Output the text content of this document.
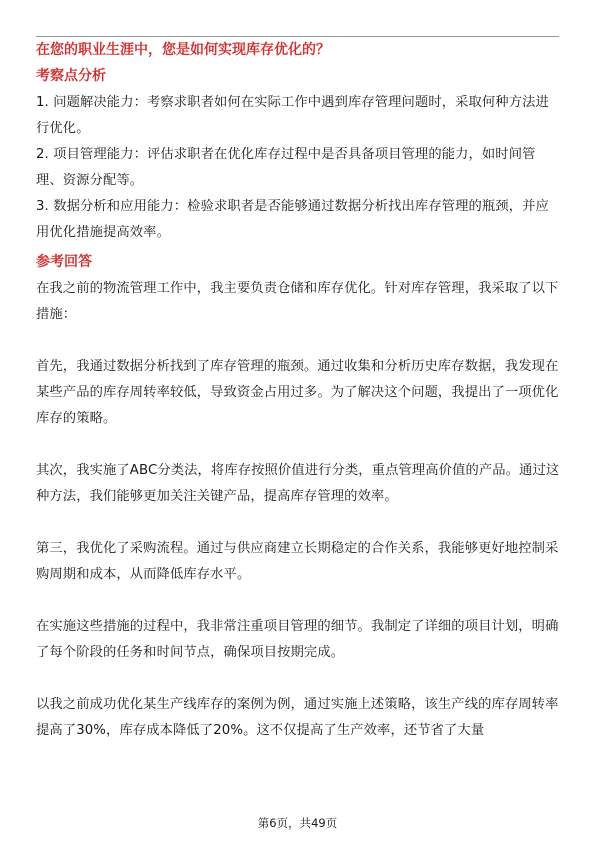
在您的职业生涯中，您是如何实现库存优化的？

考察点分析

1. 问题解决能力：考察求职者如何在实际工作中遇到库存管理问题时，采取何种方法进行优化。

2. 项目管理能力：评估求职者在优化库存过程中是否具备项目管理的能力，如时间管理、资源分配等。

3. 数据分析和应用能力：检验求职者是否能够通过数据分析找出库存管理的瓶颈，并应用优化措施提高效率。

参考回答

在我之前的物流管理工作中，我主要负责仓储和库存优化。针对库存管理，我采取了以下措施：

首先，我通过数据分析找到了库存管理的瓶颈。通过收集和分析历史库存数据，我发现在某些产品的库存周转率较低，导致资金占用过多。为了解决这个问题，我提出了一项优化库存的策略。

其次，我实施了ABC分类法，将库存按照价值进行分类，重点管理高价值的产品。通过这种方法，我们能够更加关注关键产品，提高库存管理的效率。

第三，我优化了采购流程。通过与供应商建立长期稳定的合作关系，我能够更好地控制采购周期和成本，从而降低库存水平。

在实施这些措施的过程中，我非常注重项目管理的细节。我制定了详细的项目计划，明确了每个阶段的任务和时间节点，确保项目按期完成。

以我之前成功优化某生产线库存的案例为例，通过实施上述策略，该生产线的库存周转率提高了30%，库存成本降低了20%。这不仅提高了生产效率，还节省了大量

第6页，共49页
